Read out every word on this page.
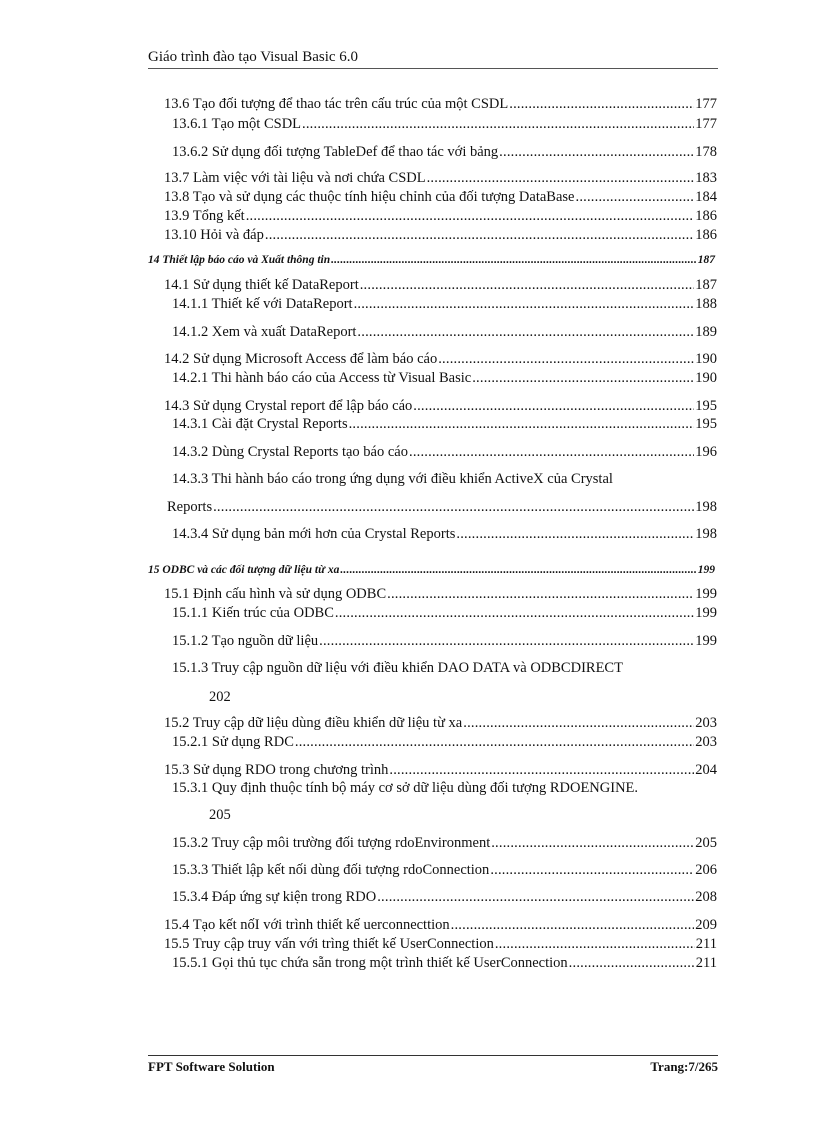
Giáo trình đào tạo Visual Basic 6.0
13.6 Tạo đối tượng để thao tác trên cấu trúc của một CSDL .....	177
13.6.1 Tạo một CSDL .....	177
13.6.2 Sử dụng đối tượng TableDef để thao tác với bảng .....	178
13.7 Làm việc với tài liệu và nơi chứa CSDL .....	183
13.8 Tạo và sử dụng các thuộc tính hiệu chỉnh của đối tượng DataBase .....	184
13.9 Tổng kết .....	186
13.10 Hỏi và đáp .....	186
14 Thiết lập báo cáo và Xuất thông tin .....	187
14.1 Sử dụng thiết kế DataReport .....	187
14.1.1 Thiết kế với DataReport .....	188
14.1.2 Xem và xuất DataReport .....	189
14.2 Sử dụng Microsoft Access để làm báo cáo .....	190
14.2.1 Thi hành báo cáo của Access từ Visual Basic .....	190
14.3 Sử dụng Crystal report để lập báo cáo .....	195
14.3.1 Cài đặt Crystal Reports .....	195
14.3.2 Dùng Crystal Reports tạo báo cáo .....	196
14.3.3 Thi hành báo cáo trong ứng dụng với điều khiển ActiveX của Crystal
Reports .....	198
14.3.4 Sử dụng bản mới hơn của Crystal Reports .....	198
15 ODBC và các đối tượng dữ liệu từ xa .....	199
15.1 Định cấu hình và sử dụng ODBC .....	199
15.1.1 Kiến trúc của ODBC .....	199
15.1.2 Tạo nguồn dữ liệu .....	199
15.1.3 Truy cập nguồn dữ liệu với điều khiển DAO DATA và ODBCDIRECT
202
15.2 Truy cập dữ liệu dùng điều khiển dữ liệu từ xa .....	203
15.2.1 Sử dụng RDC .....	203
15.3 Sử dụng RDO trong chương trình .....	204
15.3.1 Quy định thuộc tính bộ máy cơ sở dữ liệu dùng đối tượng RDOENGINE.
205
15.3.2 Truy cập môi trường đối tượng rdoEnvironment .....	205
15.3.3 Thiết lập kết nối dùng đối tượng rdoConnection .....	206
15.3.4 Đáp ứng sự kiện trong RDO .....	208
15.4 Tạo kết nốI với trình thiết kế uerconnecttion .....	209
15.5 Truy cập truy vấn với trìng thiết kế UserConnection .....	211
15.5.1 Gọi thủ tục chứa sẵn trong một trình thiết kế UserConnection .....	211
FPT Software Solution	Trang:7/265
